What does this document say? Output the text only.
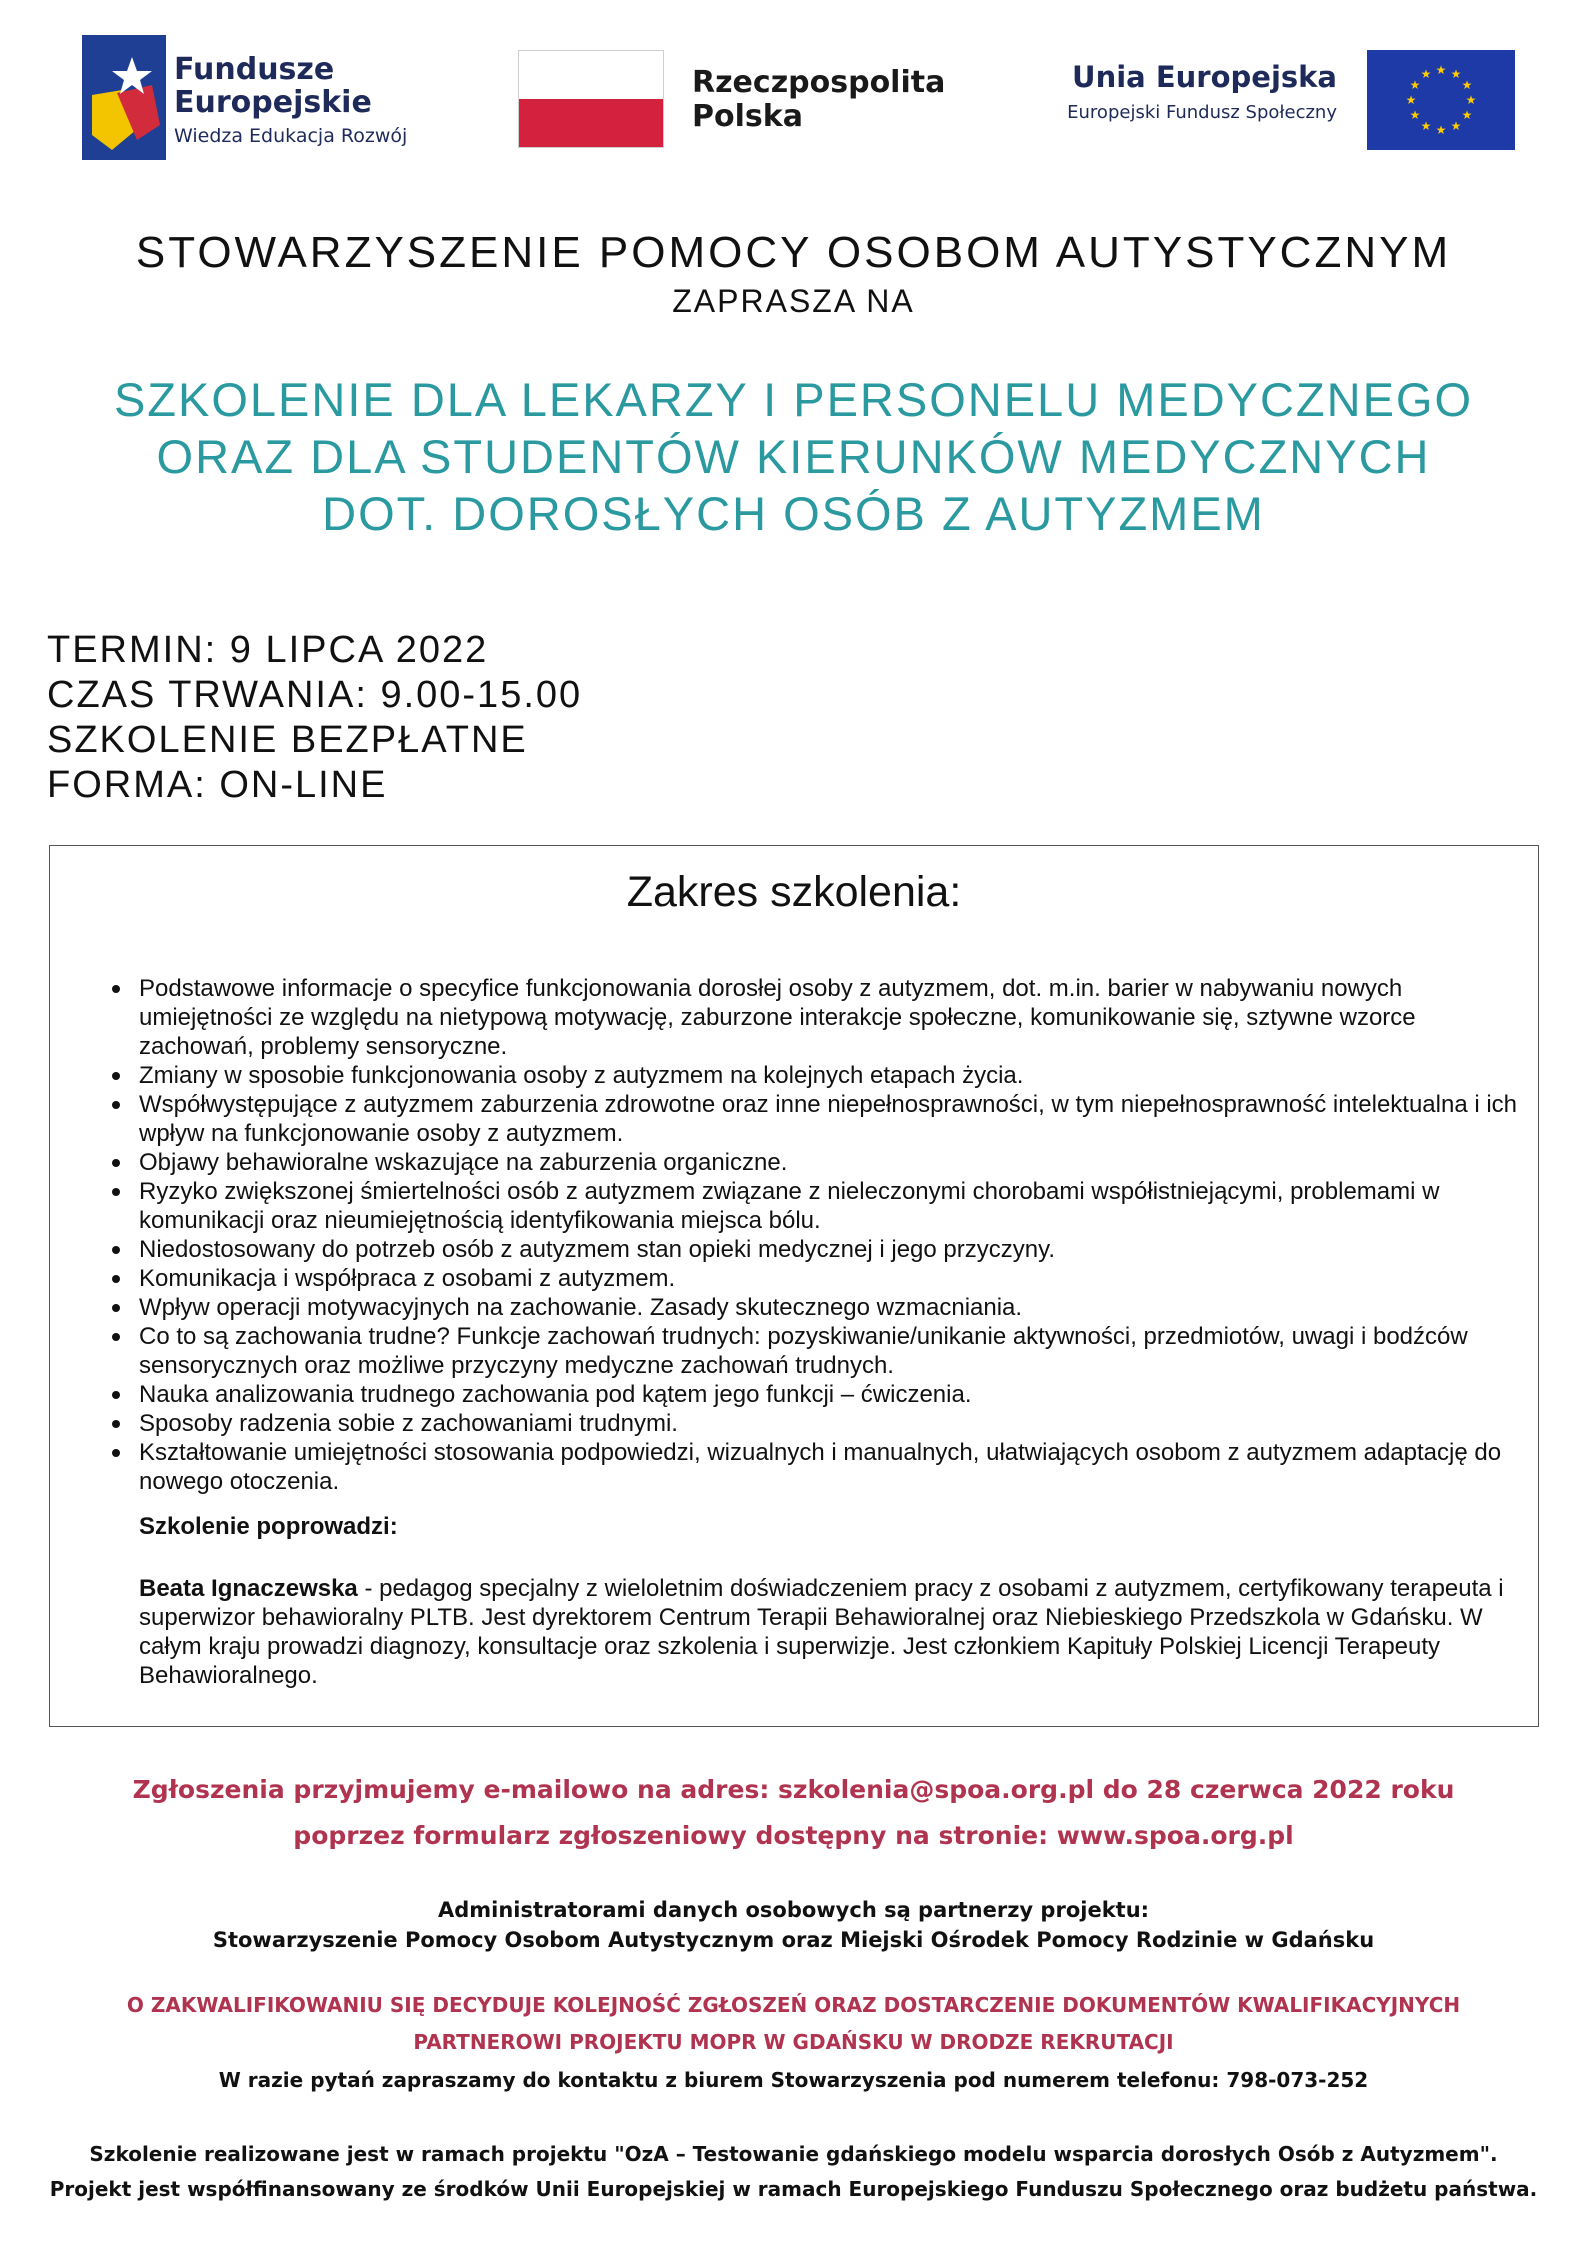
Fundusze
Europejskie
Wiedza Edukacja Rozwój
Rzeczpospolita
Polska
Unia Europejska
Europejski Fundusz Społeczny
★ ★
★
★
★
★
★
★
★
★
★
★
STOWARZYSZENIE POMOCY OSOBOM AUTYSTYCZNYM
ZAPRASZA NA
SZKOLENIE DLA LEKARZY I PERSONELU MEDYCZNEGO
ORAZ DLA STUDENTÓW KIERUNKÓW MEDYCZNYCH
DOT. DOROSŁYCH OSÓB Z AUTYZMEM
TERMIN: 9 LIPCA 2022
CZAS TRWANIA: 9.00-15.00
SZKOLENIE BEZPŁATNE
FORMA: ON-LINE
Zakres szkolenia:
Podstawowe informacje o specyfice funkcjonowania dorosłej osoby z autyzmem, dot. m.in. barier w nabywaniu nowych umiejętności ze względu na nietypową motywację, zaburzone interakcje społeczne, komunikowanie się, sztywne wzorce zachowań, problemy sensoryczne.
Zmiany w sposobie funkcjonowania osoby z autyzmem na kolejnych etapach życia.
Współwystępujące z autyzmem zaburzenia zdrowotne oraz inne niepełnosprawności, w tym niepełnosprawność intelektualna i ich wpływ na funkcjonowanie osoby z autyzmem.
Objawy behawioralne wskazujące na zaburzenia organiczne.
Ryzyko zwiększonej śmiertelności osób z autyzmem związane z nieleczonymi chorobami współistniejącymi, problemami w komunikacji oraz nieumiejętnością identyfikowania miejsca bólu.
Niedostosowany do potrzeb osób z autyzmem stan opieki medycznej i jego przyczyny.
Komunikacja i współpraca z osobami z autyzmem.
Wpływ operacji motywacyjnych na zachowanie. Zasady skutecznego wzmacniania.
Co to są zachowania trudne? Funkcje zachowań trudnych: pozyskiwanie/unikanie aktywności, przedmiotów, uwagi i bodźców sensorycznych oraz możliwe przyczyny medyczne zachowań trudnych.
Nauka analizowania trudnego zachowania pod kątem jego funkcji – ćwiczenia.
Sposoby radzenia sobie z zachowaniami trudnymi.
Kształtowanie umiejętności stosowania podpowiedzi, wizualnych i manualnych, ułatwiających osobom z autyzmem adaptację do nowego otoczenia.
Szkolenie poprowadzi:
Beata Ignaczewska - pedagog specjalny z wieloletnim doświadczeniem pracy z osobami z autyzmem, certyfikowany terapeuta i superwizor behawioralny PLTB. Jest dyrektorem Centrum Terapii Behawioralnej oraz Niebieskiego Przedszkola w Gdańsku. W całym kraju prowadzi diagnozy, konsultacje oraz szkolenia i superwizje. Jest członkiem Kapituły Polskiej Licencji Terapeuty Behawioralnego.
Zgłoszenia przyjmujemy e-mailowo na adres: szkolenia@spoa.org.pl do 28 czerwca 2022 roku
poprzez formularz zgłoszeniowy dostępny na stronie: www.spoa.org.pl
Administratorami danych osobowych są partnerzy projektu:
Stowarzyszenie Pomocy Osobom Autystycznym oraz Miejski Ośrodek Pomocy Rodzinie w Gdańsku
O ZAKWALIFIKOWANIU SIĘ DECYDUJE KOLEJNOŚĆ ZGŁOSZEŃ ORAZ DOSTARCZENIE DOKUMENTÓW KWALIFIKACYJNYCH
PARTNEROWI PROJEKTU MOPR W GDAŃSKU W DRODZE REKRUTACJI
W razie pytań zapraszamy do kontaktu z biurem Stowarzyszenia pod numerem telefonu: 798-073-252
Szkolenie realizowane jest w ramach projektu "OzA – Testowanie gdańskiego modelu wsparcia dorosłych Osób z Autyzmem".
Projekt jest współfinansowany ze środków Unii Europejskiej w ramach Europejskiego Funduszu Społecznego oraz budżetu państwa.
